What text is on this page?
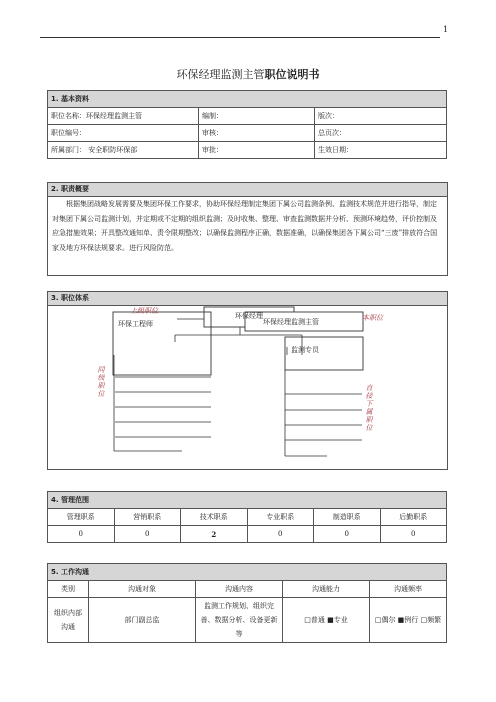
1
环保经理监测主管职位说明书
1. 基本资料		
职位名称：环保经理监测主管	编制：	版次：
职位编号：	审核：	总页次：
所属部门： 安全职防环保部	审批：	生效日期：
2. 职责概要
根据集团战略发展需要及集团环保工作要求，协助环保经理制定集团下属公司监测条例、监测技术规范并进行指导，制定对集团下属公司监测计划，并定期或不定期的组织监测；及时收集、整理、审查监测数据并分析、预测环境趋势，评价控制及应急措施效果；开具整改通知单、责令限期整改；以确保监测程序正确，数据准确，以确保集团各下属公司“三废”排放符合国家及地方环保法规要求。进行风险防范。
3. 职位体系
环保经理
上级职位
环保工程师	环保经理监测主管	本职位
监测专员
同级职位
直接下属职位
4. 管理范围					
管理职系	营销职系	技术职系	专业职系	制造职系	后勤职系
0	0	2	0	0	0
5. 工作沟通				
类别	沟通对象	沟通内容	沟通能力	沟通频率
组织内部沟通	部门副总监	监测工作规划、组织完善、数据分析、设备更新等	□普通 ■专业	□偶尔 ■例行 □频繁
